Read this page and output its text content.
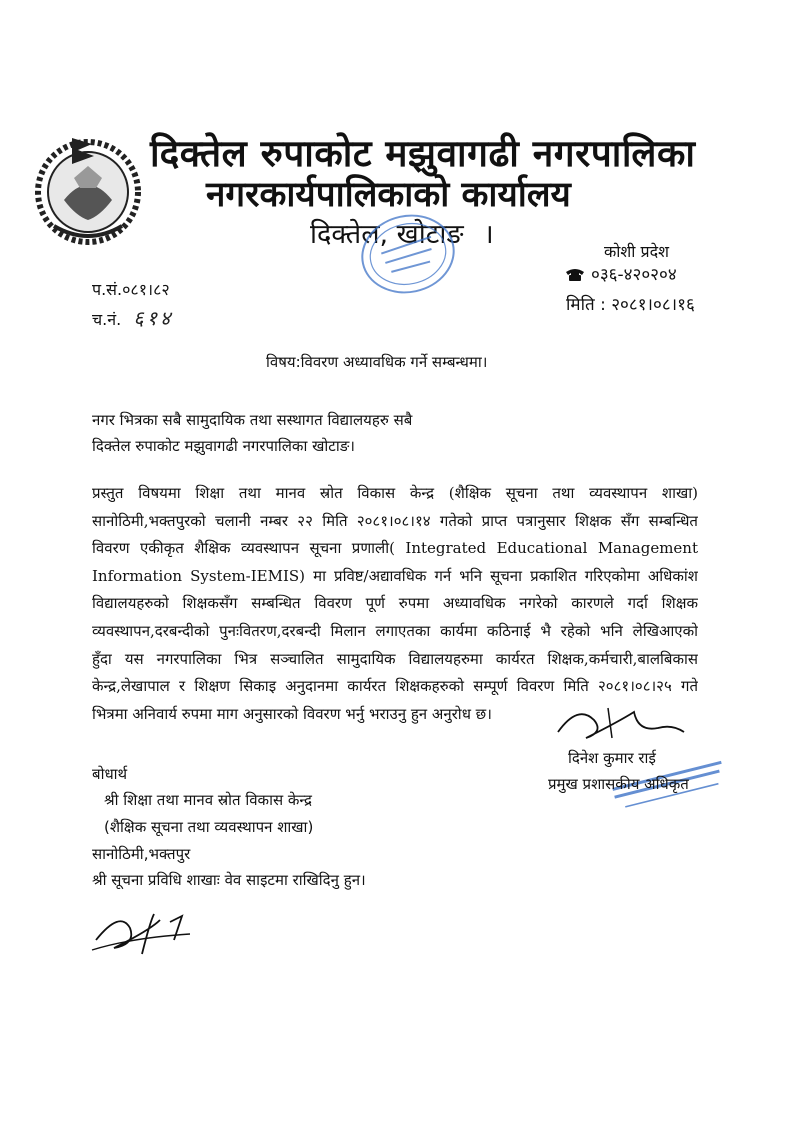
दिक्तेल रुपाकोट मझुवागढी नगरपालिका
नगरकार्यपालिकाको कार्यालय
दिक्तेल, खोटाङ ।
कोशी प्रदेश
०३६-४२०२०४
मिति : २०८१।०८।१६
प.सं.०८१।८२
च.नं. ६१४
विषय:विवरण अध्यावधिक गर्ने सम्बन्धमा।
नगर भित्रका सबै सामुदायिक तथा सस्थागत विद्यालयहरु सबै
दिक्तेल रुपाकोट मझुवागढी नगरपालिका खोटाङ।
प्रस्तुत विषयमा शिक्षा तथा मानव स्रोत विकास केन्द्र (शैक्षिक सूचना तथा व्यवस्थापन शाखा)
सानोठिमी,भक्तपुरको चलानी नम्बर २२ मिति २०८१।०८।१४ गतेको प्राप्त पत्रानुसार शिक्षक सँग सम्बन्धित
विवरण एकीकृत शैक्षिक व्यवस्थापन सूचना प्रणाली( Integrated Educational Management
Information System-IEMIS) मा प्रविष्ट/अद्यावधिक गर्न भनि सूचना प्रकाशित गरिएकोमा अधिकांश
विद्यालयहरुको शिक्षकसँग सम्बन्धित विवरण पूर्ण रुपमा अध्यावधिक नगरेको कारणले गर्दा शिक्षक
व्यवस्थापन,दरबन्दीको पुनःवितरण,दरबन्दी मिलान लगाएतका कार्यमा कठिनाई भै रहेको भनि लेखिआएको
हुँदा यस नगरपालिका भित्र सञ्चालित सामुदायिक विद्यालयहरुमा कार्यरत शिक्षक,कर्मचारी,बालबिकास
केन्द्र,लेखापाल र शिक्षण सिकाइ अनुदानमा कार्यरत शिक्षकहरुको सम्पूर्ण विवरण मिति २०८१।०८।२५ गते
भित्रमा अनिवार्य रुपमा माग अनुसारको विवरण भर्नु भराउनु हुन अनुरोध छ।
दिनेश कुमार राई
प्रमुख प्रशासकीय अधिकृत
बोधार्थ
श्री शिक्षा तथा मानव स्रोत विकास केन्द्र
(शैक्षिक सूचना तथा व्यवस्थापन शाखा)
सानोठिमी,भक्तपुर
श्री सूचना प्रविधि शाखाः वेव साइटमा राखिदिनु हुन।
